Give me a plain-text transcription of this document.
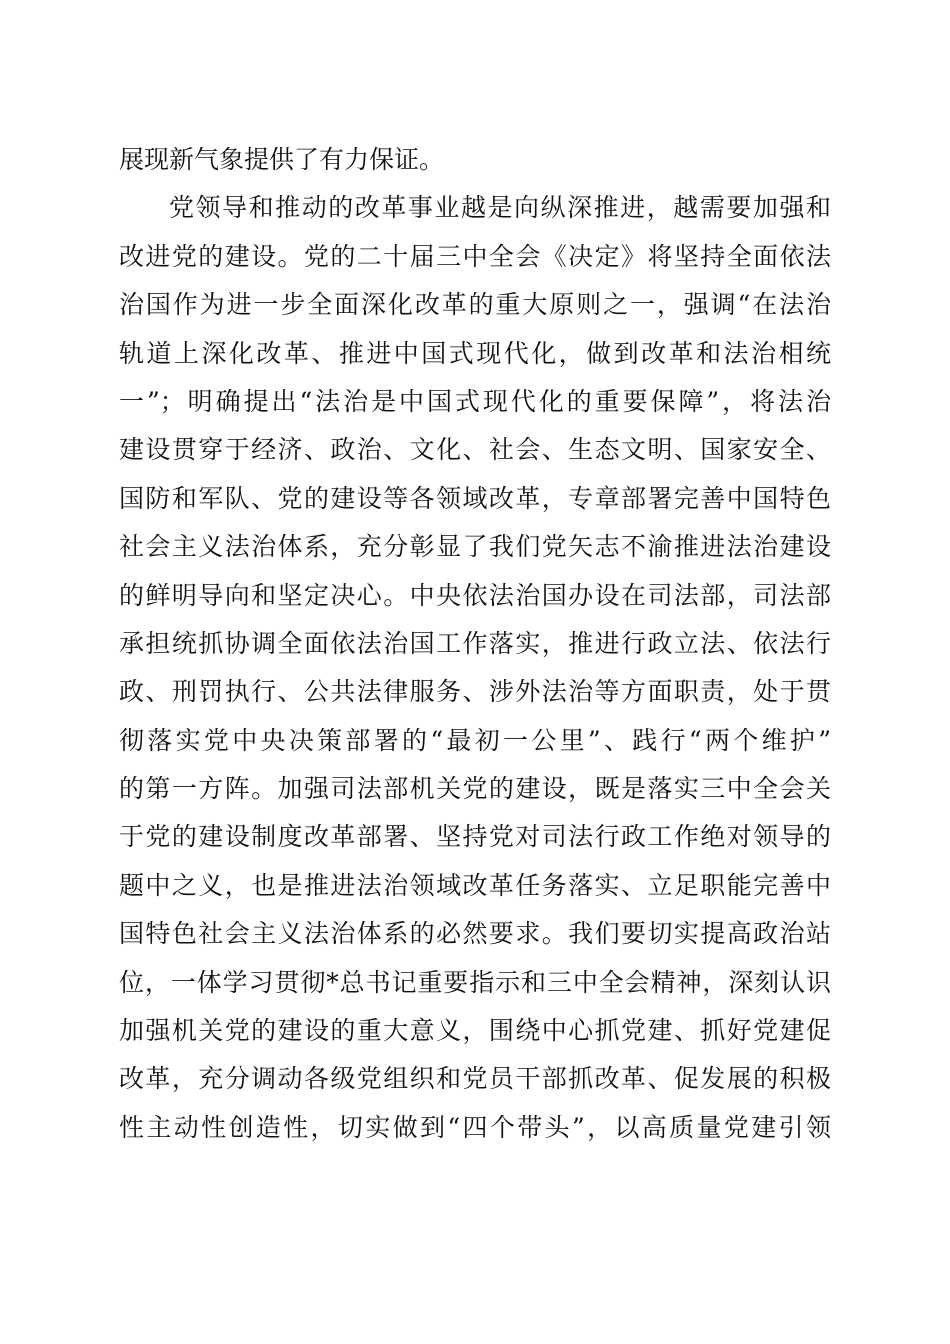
展现新气象提供了有力保证。
党领导和推动的改革事业越是向纵深推进，越需要加强和
改进党的建设。党的二十届三中全会《决定》将坚持全面依法
治国作为进一步全面深化改革的重大原则之一，强调“在法治
轨道上深化改革、推进中国式现代化，做到改革和法治相统
一”；明确提出“法治是中国式现代化的重要保障”，将法治
建设贯穿于经济、政治、文化、社会、生态文明、国家安全、
国防和军队、党的建设等各领域改革，专章部署完善中国特色
社会主义法治体系，充分彰显了我们党矢志不渝推进法治建设
的鲜明导向和坚定决心。中央依法治国办设在司法部，司法部
承担统抓协调全面依法治国工作落实，推进行政立法、依法行
政、刑罚执行、公共法律服务、涉外法治等方面职责，处于贯
彻落实党中央决策部署的“最初一公里”、践行“两个维护”
的第一方阵。加强司法部机关党的建设，既是落实三中全会关
于党的建设制度改革部署、坚持党对司法行政工作绝对领导的
题中之义，也是推进法治领域改革任务落实、立足职能完善中
国特色社会主义法治体系的必然要求。我们要切实提高政治站
位，一体学习贯彻*总书记重要指示和三中全会精神，深刻认识
加强机关党的建设的重大意义，围绕中心抓党建、抓好党建促
改革，充分调动各级党组织和党员干部抓改革、促发展的积极
性主动性创造性，切实做到“四个带头”，以高质量党建引领
